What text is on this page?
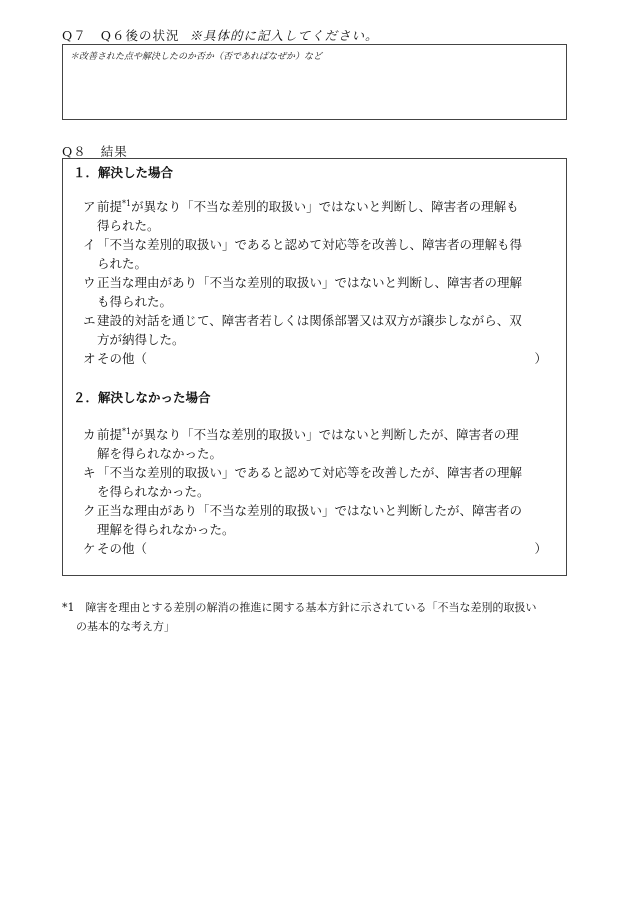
Q７ Q６後の状況 ※具体的に記入してください。
＊改善された点や解決したのか否か（否であればなぜか）など
Q８ 結果
１．解決した場合
ア前提$^{*1}$が異なり「不当な差別的取扱い」ではないと判断し、障害者の理解も
得られた。
イ「不当な差別的取扱い」であると認めて対応等を改善し、障害者の理解も得
られた。
ウ正当な理由があり「不当な差別的取扱い」ではないと判断し、障害者の理解
も得られた。
エ建設的対話を通じて、障害者若しくは関係部署又は双方が譲歩しながら、双
方が納得した。
オその他（	）
２．解決しなかった場合
カ前提$^{*1}$が異なり「不当な差別的取扱い」ではないと判断したが、障害者の理
解を得られなかった。
キ「不当な差別的取扱い」であると認めて対応等を改善したが、障害者の理解
を得られなかった。
ク正当な理由があり「不当な差別的取扱い」ではないと判断したが、障害者の
理解を得られなかった。
ケその他（	）
*1　 障害を理由とする差別の解消の推進に関する基本方針に示されている「不当な差別的取扱い
の基本的な考え方」
